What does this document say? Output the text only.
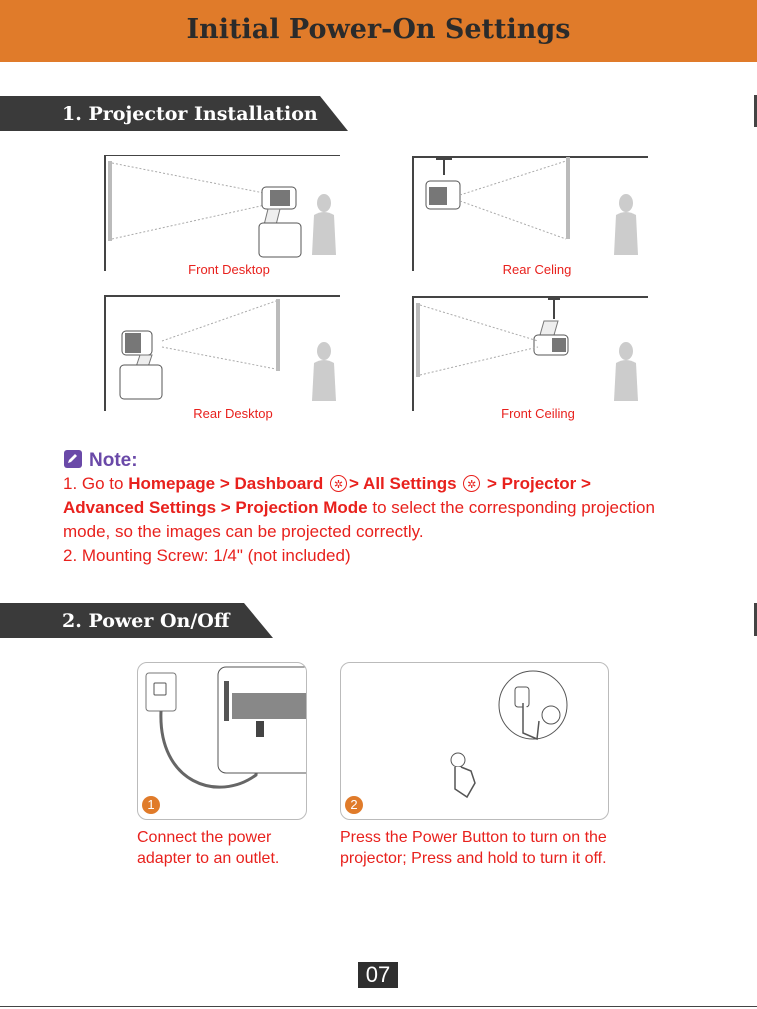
Initial Power-On Settings
1. Projector Installation
Front Desktop	Rear Celing
Rear Desktop	Front Ceiling
Note:

1. Go to Homepage > Dashboard ✲ > All Settings ✲ > Projector >
Advanced Settings > Projection Mode to select the corresponding projection mode, so the images can be projected correctly.

2. Mounting Screw: 1/4" (not included)

2. Power On/Off
1	2
Connect the power adapter to an outlet.
Press the Power Button to turn on the projector; Press and hold to turn it off.
07
